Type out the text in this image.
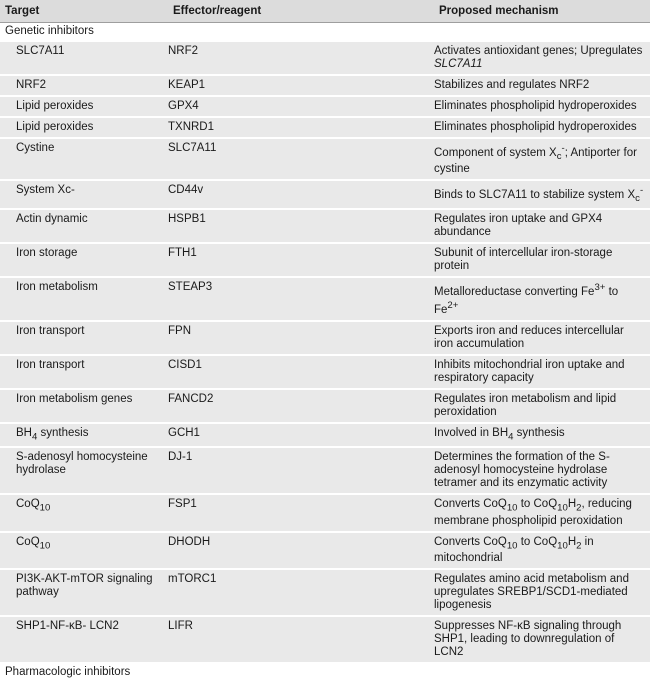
Target	Effector/reagent	Proposed mechanism
Genetic inhibitors		
SLC7A11	NRF2	Activates antioxidant genes; Upregulates SLC7A11
NRF2	KEAP1	Stabilizes and regulates NRF2
Lipid peroxides	GPX4	Eliminates phospholipid hydroperoxides
Lipid peroxides	TXNRD1	Eliminates phospholipid hydroperoxides
Cystine	SLC7A11	Component of system $X_c^-$; Antiporter for cystine
System Xc-	CD44v	Binds to SLC7A11 to stabilize system $X_c^-$
Actin dynamic	HSPB1	Regulates iron uptake and GPX4 abundance
Iron storage	FTH1	Subunit of intercellular iron-storage protein
Iron metabolism	STEAP3	Metalloreductase converting $Fe^{3+}$ to $Fe^{2+}$
Iron transport	FPN	Exports iron and reduces intercellular iron accumulation
Iron transport	CISD1	Inhibits mitochondrial iron uptake and respiratory capacity
Iron metabolism genes	FANCD2	Regulates iron metabolism and lipid peroxidation
$BH_4$ synthesis	GCH1	Involved in $BH_4$ synthesis
S-adenosyl homocysteine hydrolase	DJ-1	Determines the formation of the S-adenosyl homocysteine hydrolase tetramer and its enzymatic activity
CoQ$_{10}$	FSP1	Converts CoQ$_{10}$ to $CoQ_{10}H_2$, reducing membrane phospholipid peroxidation
CoQ$_{10}$	DHODH	Converts CoQ$_{10}$ to $CoQ_{10}H_2$ in mitochondrial
PI3K-AKT-mTOR signaling pathway	mTORC1	Regulates amino acid metabolism and upregulates SREBP1/SCD1-mediated lipogenesis
SHP1-NF-κB- LCN2	LIFR	Suppresses NF-κB signaling through SHP1, leading to downregulation of LCN2
Pharmacologic inhibitors		
